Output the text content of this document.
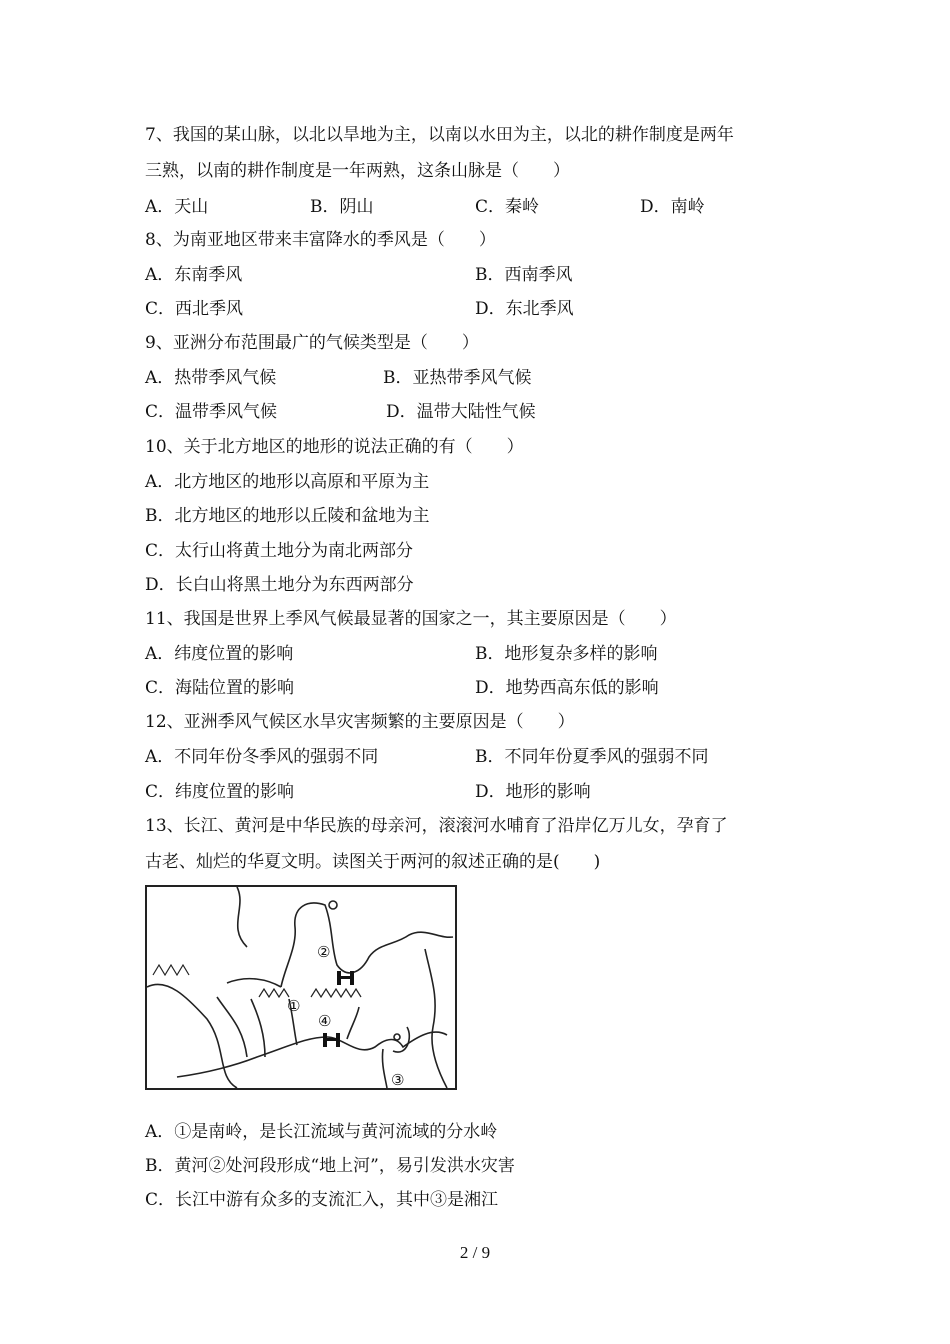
7、我国的某山脉，以北以旱地为主，以南以水田为主，以北的耕作制度是两年
三熟，以南的耕作制度是一年两熟，这条山脉是（　　）
A．天山	B．阴山	C．秦岭	D．南岭
8、为南亚地区带来丰富降水的季风是（　　）
A．东南季风	B．西南季风
C．西北季风	D．东北季风
9、亚洲分布范围最广的气候类型是（　　）
A．热带季风气候	B．亚热带季风气候
C．温带季风气候	D．温带大陆性气候
10、关于北方地区的地形的说法正确的有（　　）
A．北方地区的地形以高原和平原为主
B．北方地区的地形以丘陵和盆地为主
C．太行山将黄土地分为南北两部分
D．长白山将黑土地分为东西两部分
11、我国是世界上季风气候最显著的国家之一，其主要原因是（　　）
A．纬度位置的影响	B．地形复杂多样的影响
C．海陆位置的影响	D．地势西高东低的影响
12、亚洲季风气候区水旱灾害频繁的主要原因是（　　）
A．不同年份冬季风的强弱不同	B．不同年份夏季风的强弱不同
C．纬度位置的影响	D．地形的影响
13、长江、黄河是中华民族的母亲河，滚滚河水哺育了沿岸亿万儿女，孕育了
古老、灿烂的华夏文明。读图关于两河的叙述正确的是(　　)
②
①
④
③
A．①是南岭，是长江流域与黄河流域的分水岭
B．黄河②处河段形成“地上河”，易引发洪水灾害
C．长江中游有众多的支流汇入，其中③是湘江
2 / 9
